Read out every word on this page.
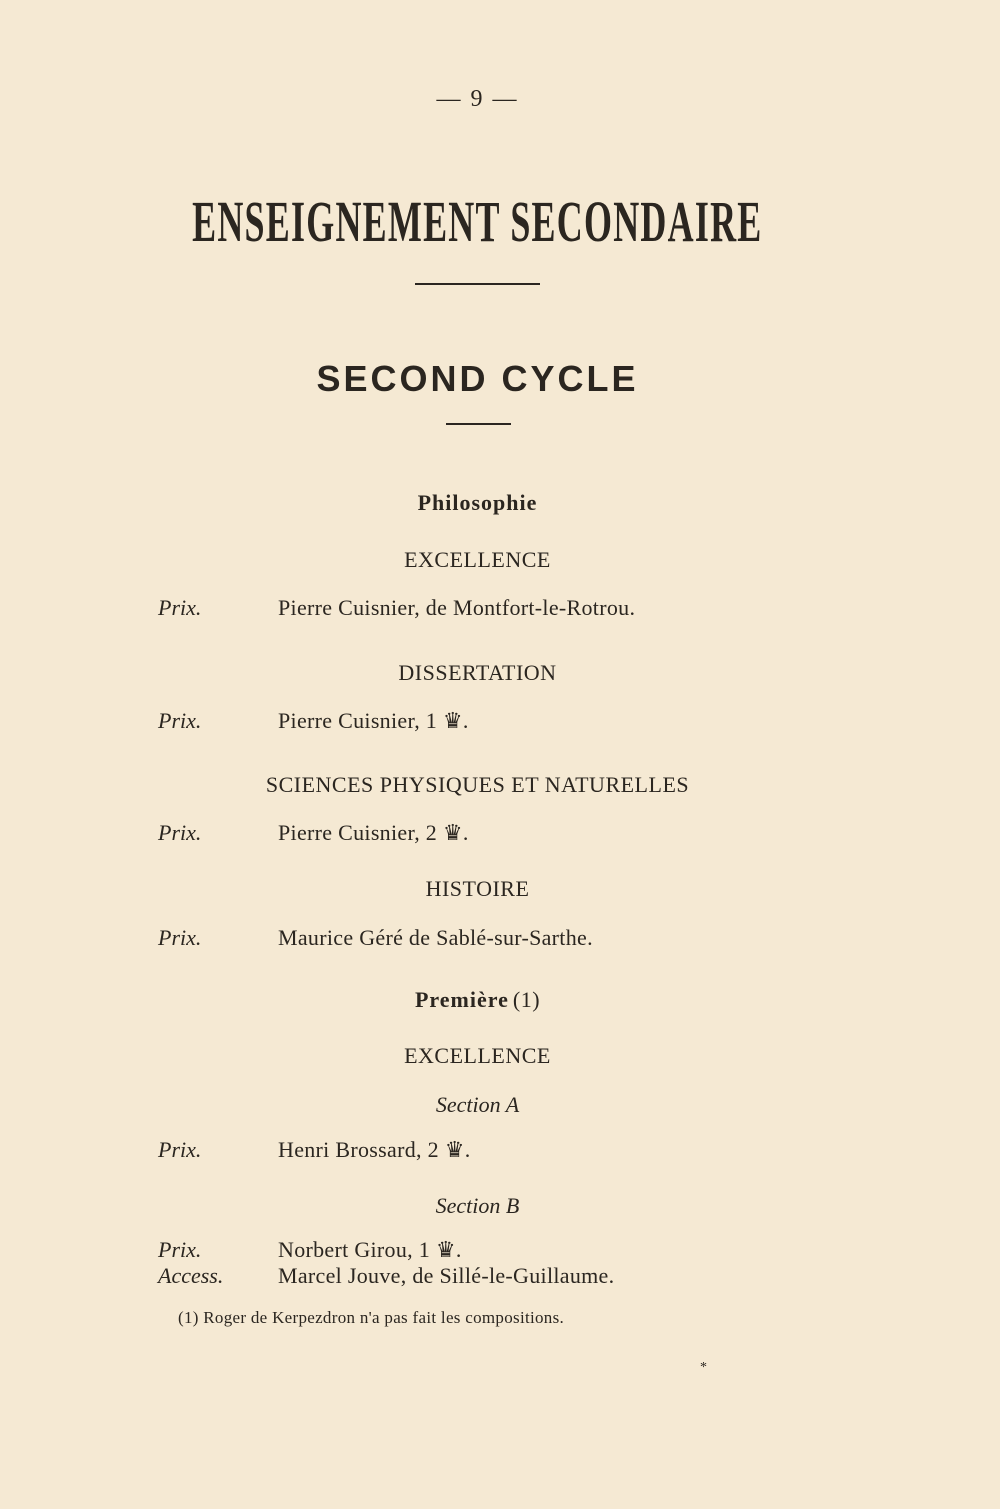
— 9 —
ENSEIGNEMENT SECONDAIRE
SECOND CYCLE
Philosophie
EXCELLENCE
Prix.	Pierre Cuisnier, de Montfort-le-Rotrou.
DISSERTATION
Prix.	Pierre Cuisnier, 1 ♛.
SCIENCES PHYSIQUES ET NATURELLES
Prix.	Pierre Cuisnier, 2 ♛.
HISTOIRE
Prix.	Maurice Géré de Sablé-sur-Sarthe.
Première (1)
EXCELLENCE
Section A
Prix.	Henri Brossard, 2 ♛.
Section B
Prix.	Norbert Girou, 1 ♛.
Access. Marcel Jouve, de Sillé-le-Guillaume.
(1) Roger de Kerpezdron n'a pas fait les compositions.
*
